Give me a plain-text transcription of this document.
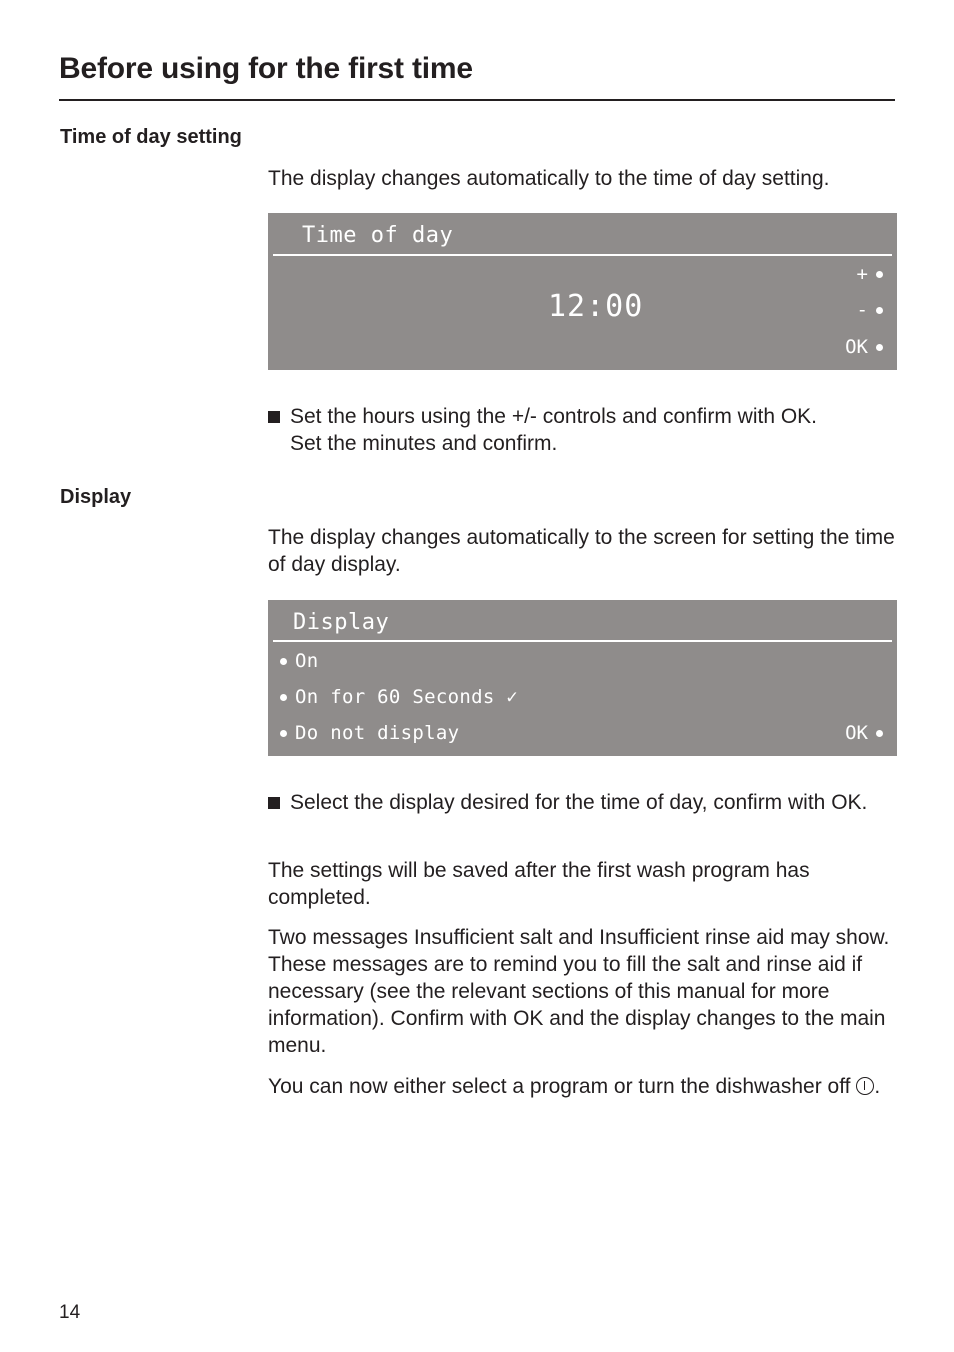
Before using for the first time
Time of day setting

The display changes automatically to the time of day setting.

Time of day
12:00
+
-
OK
Set the hours using the +/- controls and confirm with OK.
Set the minutes and confirm.
Display

The display changes automatically to the screen for setting the time of day display.

Display
On
On for 60 Seconds ✓
Do not display	OK
Select the display desired for the time of day, confirm with OK.

The settings will be saved after the first wash program has completed.

Two messages Insufficient salt and Insufficient rinse aid may show. These messages are to remind you to fill the salt and rinse aid if necessary (see the relevant sections of this manual for more information). Confirm with OK and the display changes to the main menu.

You can now either select a program or turn the dishwasher off .

14
